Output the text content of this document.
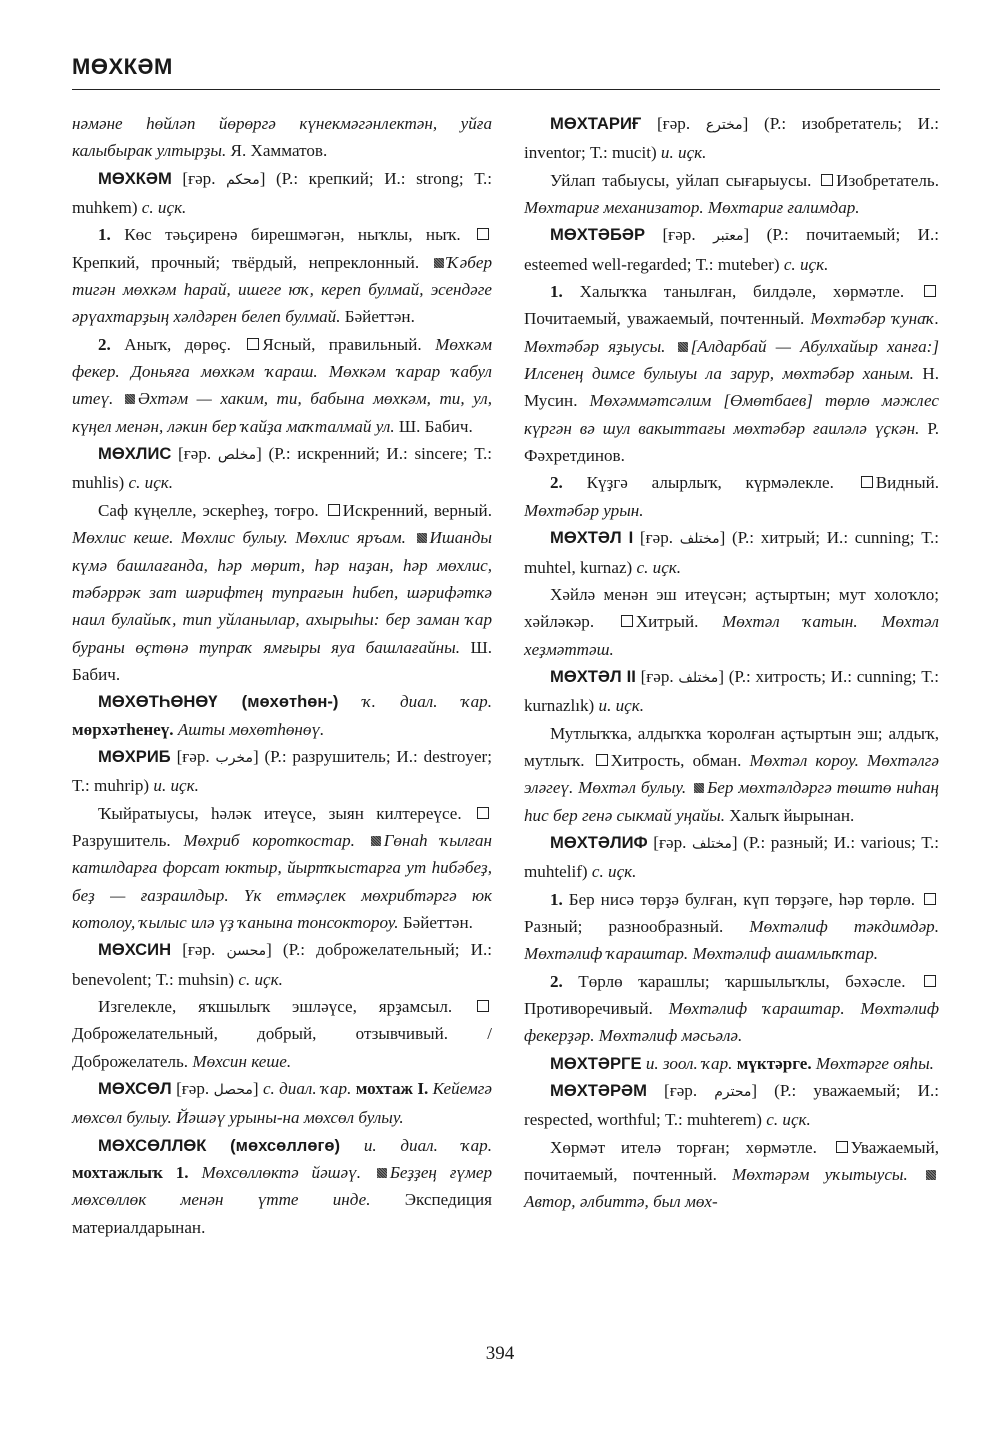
МӨХКӘМ

нәмәне һөйләп йөрөргә күнекмәгәнлектән, уйға калыбырак ултырҙы. Я. Хамматов.

МӨХКӘМ [ғәр. محکم] (Р.: крепкий; И.: strong; Т.: muhkem) с. иҫк.

1. Көс тәьҫиренә бирешмәгән, ныҡлы, ныҡ. Крепкий, прочный; твёрдый, непреклонный. Ҡәбер тигән мөхкәм һарай, ишеге юҡ, кереп булмай, эсендәге әрүахтарҙың хәлдәрен белеп булмай. Бәйеттән.

2. Аныҡ, дөрөҫ. Ясный, правильный. Мөхкәм фекер. Доньяға мөхкәм ҡараш. Мөхкәм ҡарар ҡабул итеү. Әхтәм — хаким, ти, бабына мөхкәм, ти, ул, күңел менән, ләкин бер ҡайҙа маҡталмай ул. Ш. Бабич.

МӨХЛИС [ғәр. مخلص] (Р.: искренний; И.: sincere; Т.: muhlis) с. иҫк.

Саф күңелле, эскерһеҙ, тоғро. Искренний, верный. Мөхлис кеше. Мөхлис булыу. Мөхлис яръам. Ишанды күмә башлағанда, һәр мөрит, һәр наҙан, һәр мөхлис, тәбәррәк зат шәрифтең тупрағын һибеп, шәрифәткә наил булайыҡ, тип уйланылар, ахырыһы: бер заман ҡар бураны өҫтөнә тупраҡ ямғыры яуа башлағайны. Ш. Бабич.

МӨХӨТҺӨНӨҮ (мөхөтһөн-) ҡ. диал. ҡар. мөрхәтһенеү. Ашты мөхөтһөнөү.

МӨХРИБ [ғәр. مخرب] (Р.: разрушитель; И.: destroyer; Т.: muhrip) и. иҫк.

Ҡыйратыусы, һәләк итеүсе, зыян килтереүсе. Разрушитель. Мөхриб короткостар. Гөнаһ ҡылған катилдарға форсат юктыр, йыртҡыстарға ут һибәбеҙ, беҙ — ғазраилдыр. Үк етмәҫлек мөхрибтәргә юк котолоу, ҡылыс илә үҙ ҡанына тонсоктороу. Бәйеттән.

МӨХСИН [ғәр. محسن] (Р.: доброжелательный; И.: benevolent; Т.: muhsin) с. иҫк.

Изгелекле, яҡшылыҡ эшләүсе, ярҙамсыл. Доброжелательный, добрый, отзывчивый. / Доброжелатель. Мөхсин кеше.

МӨХСӨЛ [ғәр. محصل] с. диал. ҡар. мохтаж I. Кейемгә мөхсөл булыу. Йәшәү урыны-на мөхсөл булыу.

МӨХСӨЛЛӨК (мөхсөллөгө) и. диал. ҡар. мохтажлыҡ 1. Мөхсөллөктә йәшәү. Беҙҙең ғүмер мөхсөллөк менән үтте инде. Экспедиция материалдарынан.

МӨХТАРИҒ [ғәр. مخترع] (Р.: изобретатель; И.: inventor; Т.: mucit) и. иҫк.

Уйлап табыусы, уйлап сығарыусы. Изобретатель. Мөхтариғ механизатор. Мөхтариғ ғалимдар.

МӨХТӘБӘР [ғәр. معتبر] (Р.: почитаемый; И.: esteemed well-regarded; Т.: muteber) с. иҫк.

1. Халыҡҡа танылған, билдәле, хөрмәтле. Почитаемый, уважаемый, почтенный. Мөхтәбәр ҡунаҡ. Мөхтәбәр яҙыусы. [Алдарбай — Абулхайыр ханға:] Илсенең димсе булыуы ла зарур, мөхтәбәр ханым. Н. Мусин. Мөхәммәтсәлим [Өмөтбаев] төрлө мәжлес күргән вә шул вакыттағы мөхтәбәр ғаиләлә үҫкән. Р. Фәхретдинов.

2. Күҙгә алырлыҡ, күрмәлекле. Видный. Мөхтәбәр урын.

МӨХТӘЛ I [ғәр. مختلف] (Р.: хитрый; И.: cunning; Т.: muhtel, kurnaz) с. иҫк.

Хәйлә менән эш итеүсән; аҫтыртын; мут холоҡло; хәйләкәр. Хитрый. Мөхтәл ҡатын. Мөхтәл хеҙмәттәш.

МӨХТӘЛ II [ғәр. مختلف] (Р.: хитрость; И.: cunning; Т.: kurnazlık) и. иҫк.

Мутлыҡҡа, алдыҡҡа ҡоролған аҫтыртын эш; алдыҡ, мутлыҡ. Хитрость, обман. Мөхтәл короу. Мөхтәлгә эләгеү. Мөхтәл булыу. Бер мөхтәлдәргә төштө ниһаң һис бер генә сыкмай уңайы. Халыҡ йырынан.

МӨХТӘЛИФ [ғәр. مختلف] (Р.: разный; И.: various; Т.: muhtelif) с. иҫк.

1. Бер нисә төрҙә булған, күп төрҙәге, һәр төрлө. Разный; разнообразный. Мөхтәлиф тәкдимдәр. Мөхтәлиф ҡараштар. Мөхтәлиф ашамлыҡтар.

2. Төрлө ҡарашлы; ҡаршылыҡлы, бәхәсле. Противоречивый. Мөхтәлиф ҡараштар. Мөхтәлиф фекерҙәр. Мөхтәлиф мәсьәлә.

МӨХТӘРГЕ и. зоол. ҡар. мүктәрге. Мөхтәрге ояһы.

МӨХТӘРӘМ [ғәр. محترم] (Р.: уважаемый; И.: respected, worthful; Т.: muhterem) с. иҫк.

Хөрмәт ителә торған; хөрмәтле. Уважаемый, почитаемый, почтенный. Мөхтәрәм уҡытыусы. Автор, әлбиттә, был мөх-

394
